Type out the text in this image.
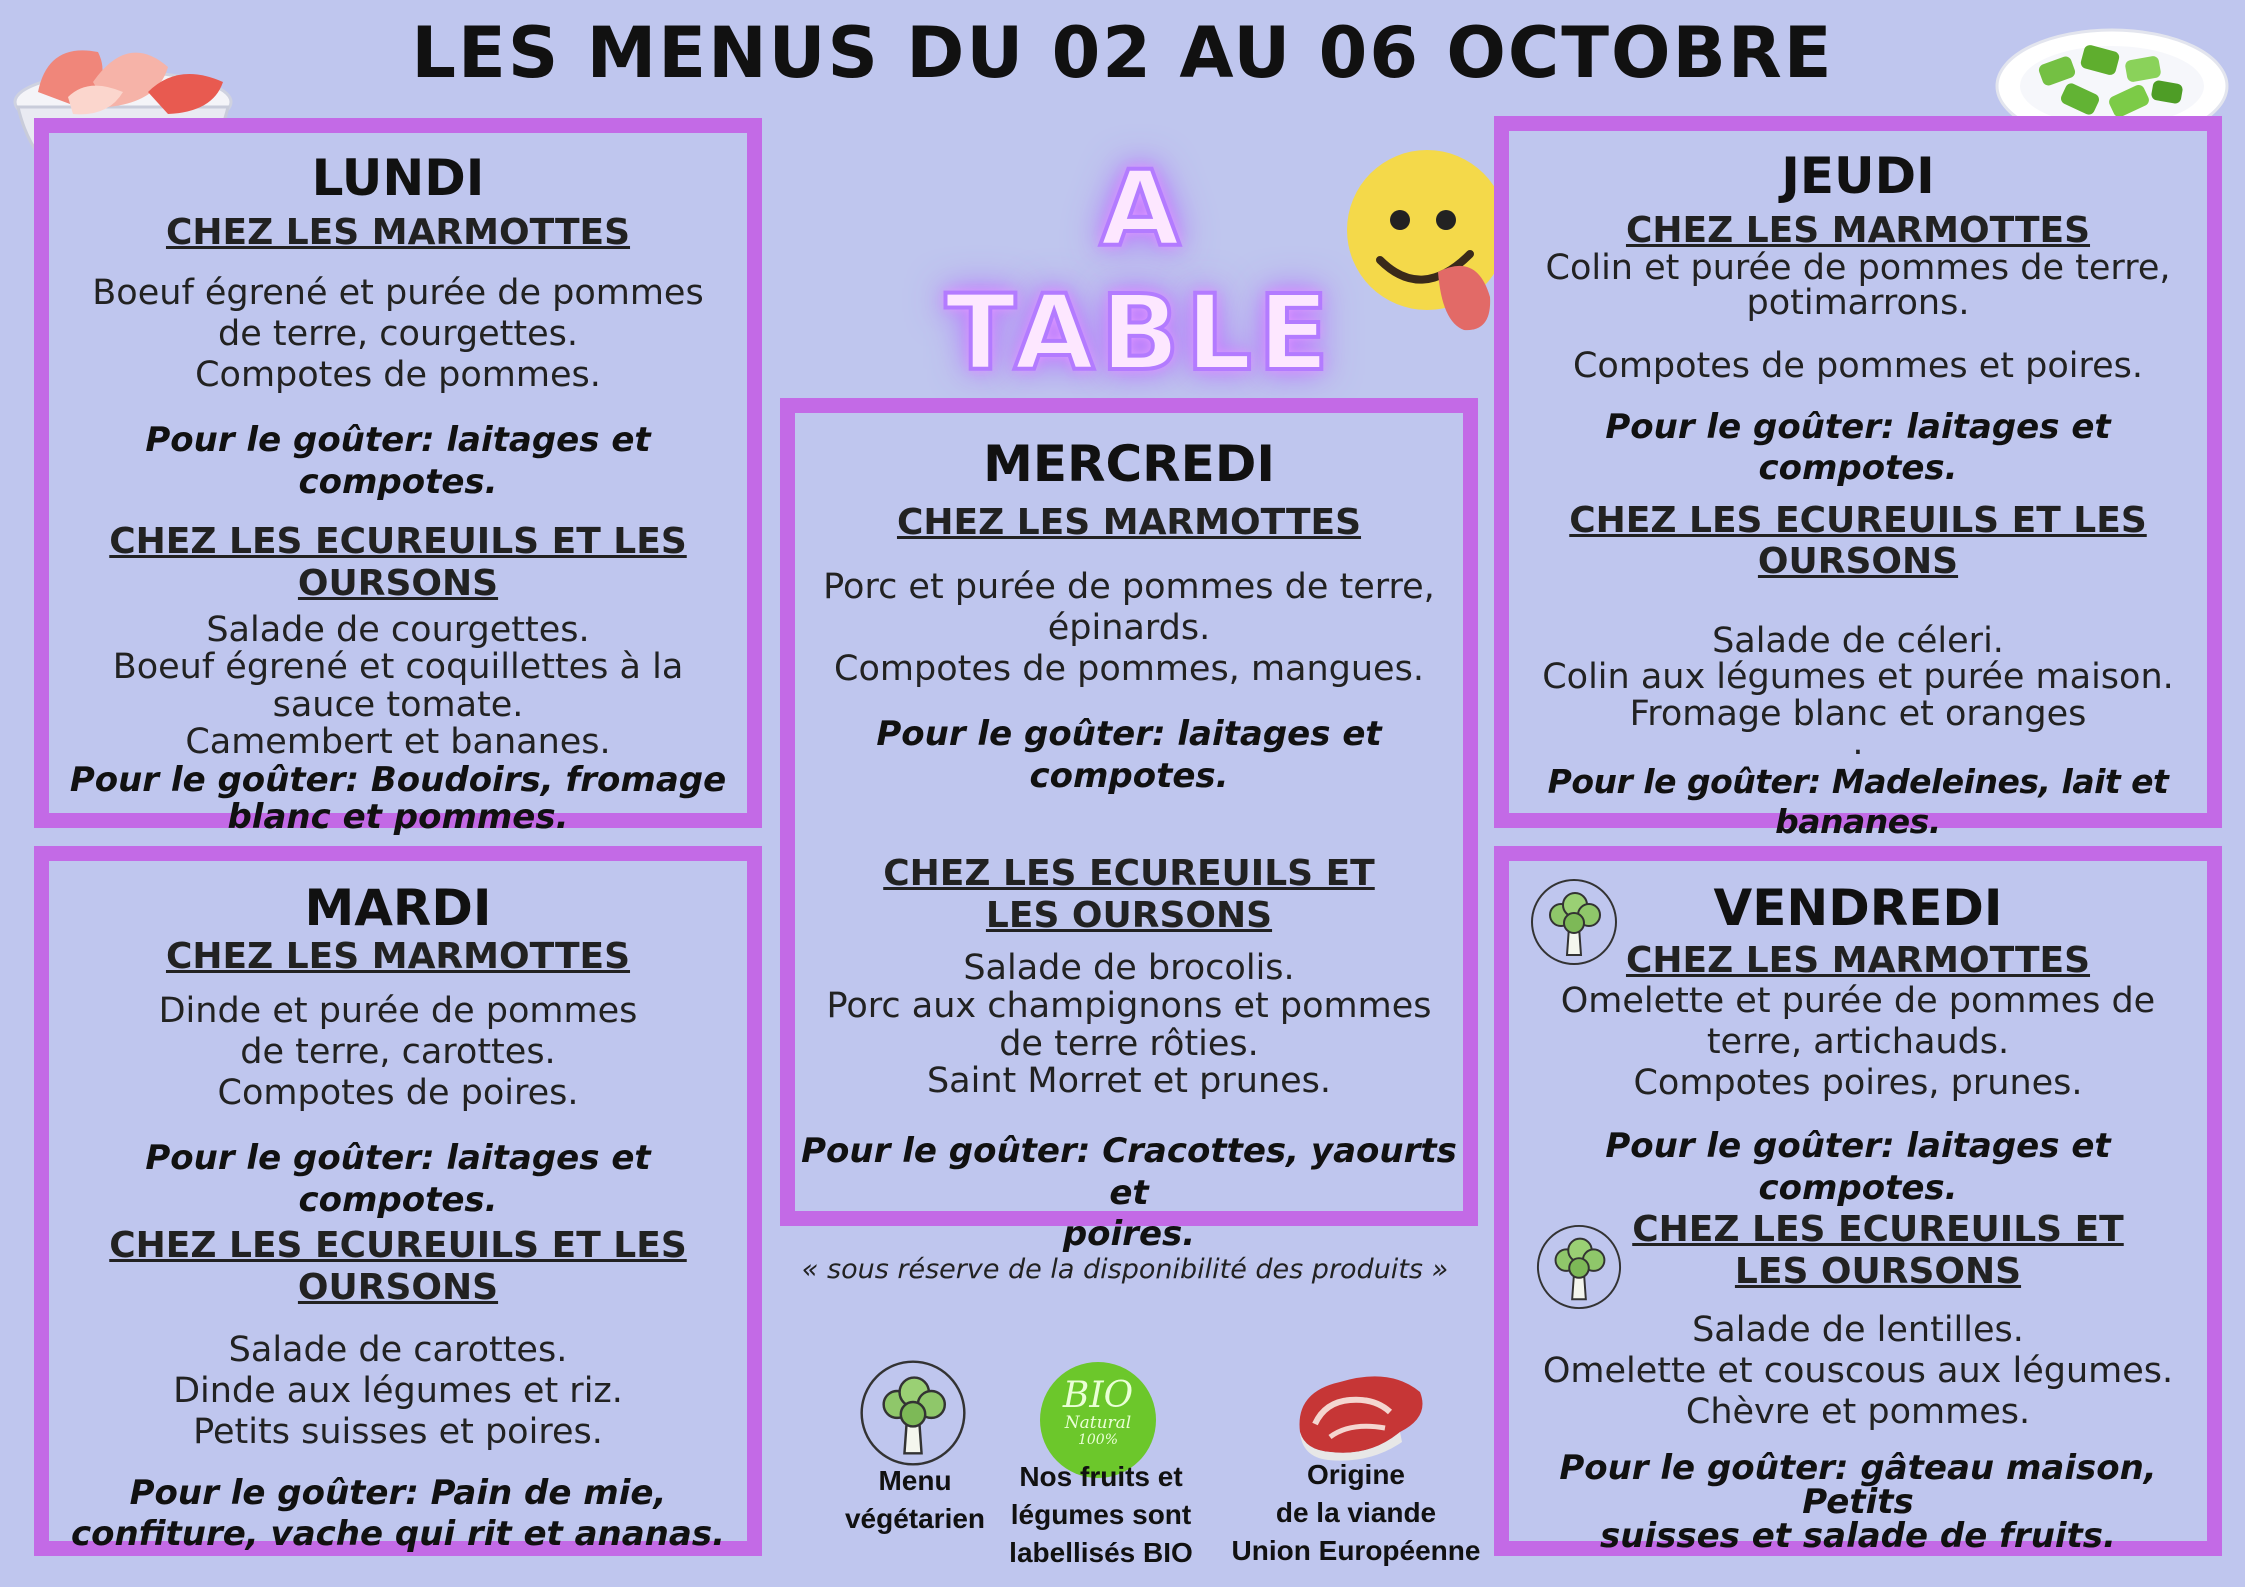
LES MENUS DU 02 AU 06 OCTOBRE
A
TABLE
LUNDI
CHEZ LES MARMOTTES
Boeuf égrené et purée de pommes
de terre, courgettes.
Compotes de pommes.
Pour le goûter: laitages et compotes.
CHEZ LES ECUREUILS ET LES OURSONS
Salade de courgettes.
Boeuf égrené et coquillettes à la
sauce tomate.
Camembert et bananes.
Pour le goûter: Boudoirs, fromage
blanc et pommes.
MARDI
CHEZ LES MARMOTTES
Dinde et purée de pommes
de terre, carottes.
Compotes de poires.
Pour le goûter: laitages et compotes.
CHEZ LES ECUREUILS ET LES OURSONS
Salade de carottes.
Dinde aux légumes et riz.
Petits suisses et poires.
Pour le goûter: Pain de mie,
confiture, vache qui rit et ananas.
MERCREDI
CHEZ LES MARMOTTES
Porc et purée de pommes de terre,
épinards.
Compotes de pommes, mangues.
Pour le goûter: laitages et compotes.
CHEZ LES ECUREUILS ET LES OURSONS
Salade de brocolis.
Porc aux champignons et pommes
de terre rôties.
Saint Morret et prunes.
Pour le goûter: Cracottes, yaourts et
poires.
JEUDI
CHEZ LES MARMOTTES
Colin et purée de pommes de terre,
potimarrons.
Compotes de pommes et poires.
Pour le goûter: laitages et compotes.
CHEZ LES ECUREUILS ET LES OURSONS
Salade de céleri.
Colin aux légumes et purée maison.
Fromage blanc et oranges
.
Pour le goûter: Madeleines, lait et bananes.
VENDREDI
CHEZ LES MARMOTTES
Omelette et purée de pommes de
terre, artichauds.
Compotes poires, prunes.
Pour le goûter: laitages et compotes.
CHEZ LES ECUREUILS ET LES OURSONS
Salade de lentilles.
Omelette et couscous aux légumes.
Chèvre et pommes.
Pour le goûter: gâteau maison, Petits
suisses et salade de fruits.
« sous réserve de la disponibilité des produits »
Menu
végétarien
BIO
Natural
100%
Nos fruits et
légumes sont
labellisés BIO
Origine
de la viande
Union Européenne
